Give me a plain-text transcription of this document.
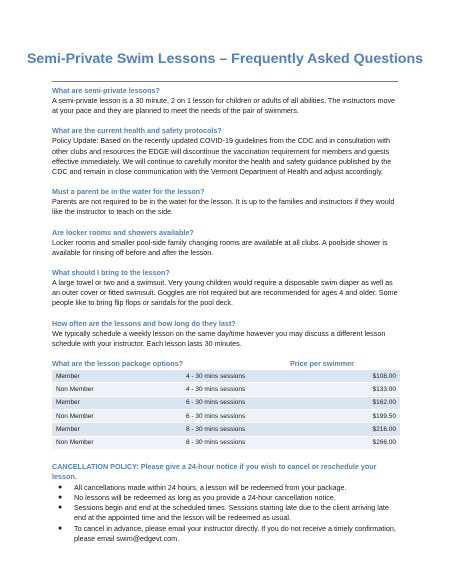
Semi-Private Swim Lessons – Frequently Asked Questions
What are semi-private lessons?
A semi-private lesson is a 30 minute, 2 on 1 lesson for children or adults of all abilities. The instructors move at your pace and they are planned to meet the needs of the pair of swimmers.
What are the current health and safety protocols?
Policy Update: Based on the recently updated COVID-19 guidelines from the CDC and in consultation with other clubs and resources the EDGE will discontinue the vaccination requirement for members and guests effective immediately. We will continue to carefully monitor the health and safety guidance published by the CDC and remain in close communication with the Vermont Department of Health and adjust accordingly.
Must a parent be in the water for the lesson?
Parents are not required to be in the water for the lesson. It is up to the families and instructors if they would like the instructor to teach on the side.
Are locker rooms and showers available?
Locker rooms and smaller pool-side family changing rooms are available at all clubs. A poolside shower is available for rinsing off before and after the lesson.
What should I bring to the lesson?
A large towel or two and a swimsuit. Very young children would require a disposable swim diaper as well as an outer cover or fitted swimsuit. Goggles are not required but are recommended for ages 4 and older. Some people like to bring flip flops or sandals for the pool deck.
How often are the lessons and how long do they last?
We typically schedule a weekly lesson on the same day/time however you may discuss a different lesson schedule with your instructor. Each lesson lasts 30 minutes.
What are the lesson package options?	Price per swimmer
Member	4 - 30 mins sessions	$108.00
Non Member	4 - 30 mins sessions	$133.00
Member	6 - 30 mins sessions	$162.00
Non Member	6 - 30 mins sessions	$199.50
Member	8 - 30 mins sessions	$216.00
Non Member	8 - 30 mins sessions	$266.00
CANCELLATION POLICY: Please give a 24-hour notice if you wish to cancel or reschedule your lesson.
● All cancellations made within 24 hours, a lesson will be redeemed from your package.
● No lessons will be redeemed as long as you provide a 24-hour cancellation notice.
● Sessions begin and end at the scheduled times. Sessions starting late due to the client arriving late end at the appointed time and the lesson will be redeemed as usual.
● To cancel in advance, please email your instructor directly. If you do not receive a timely confirmation, please email swim@edgevt.com.
